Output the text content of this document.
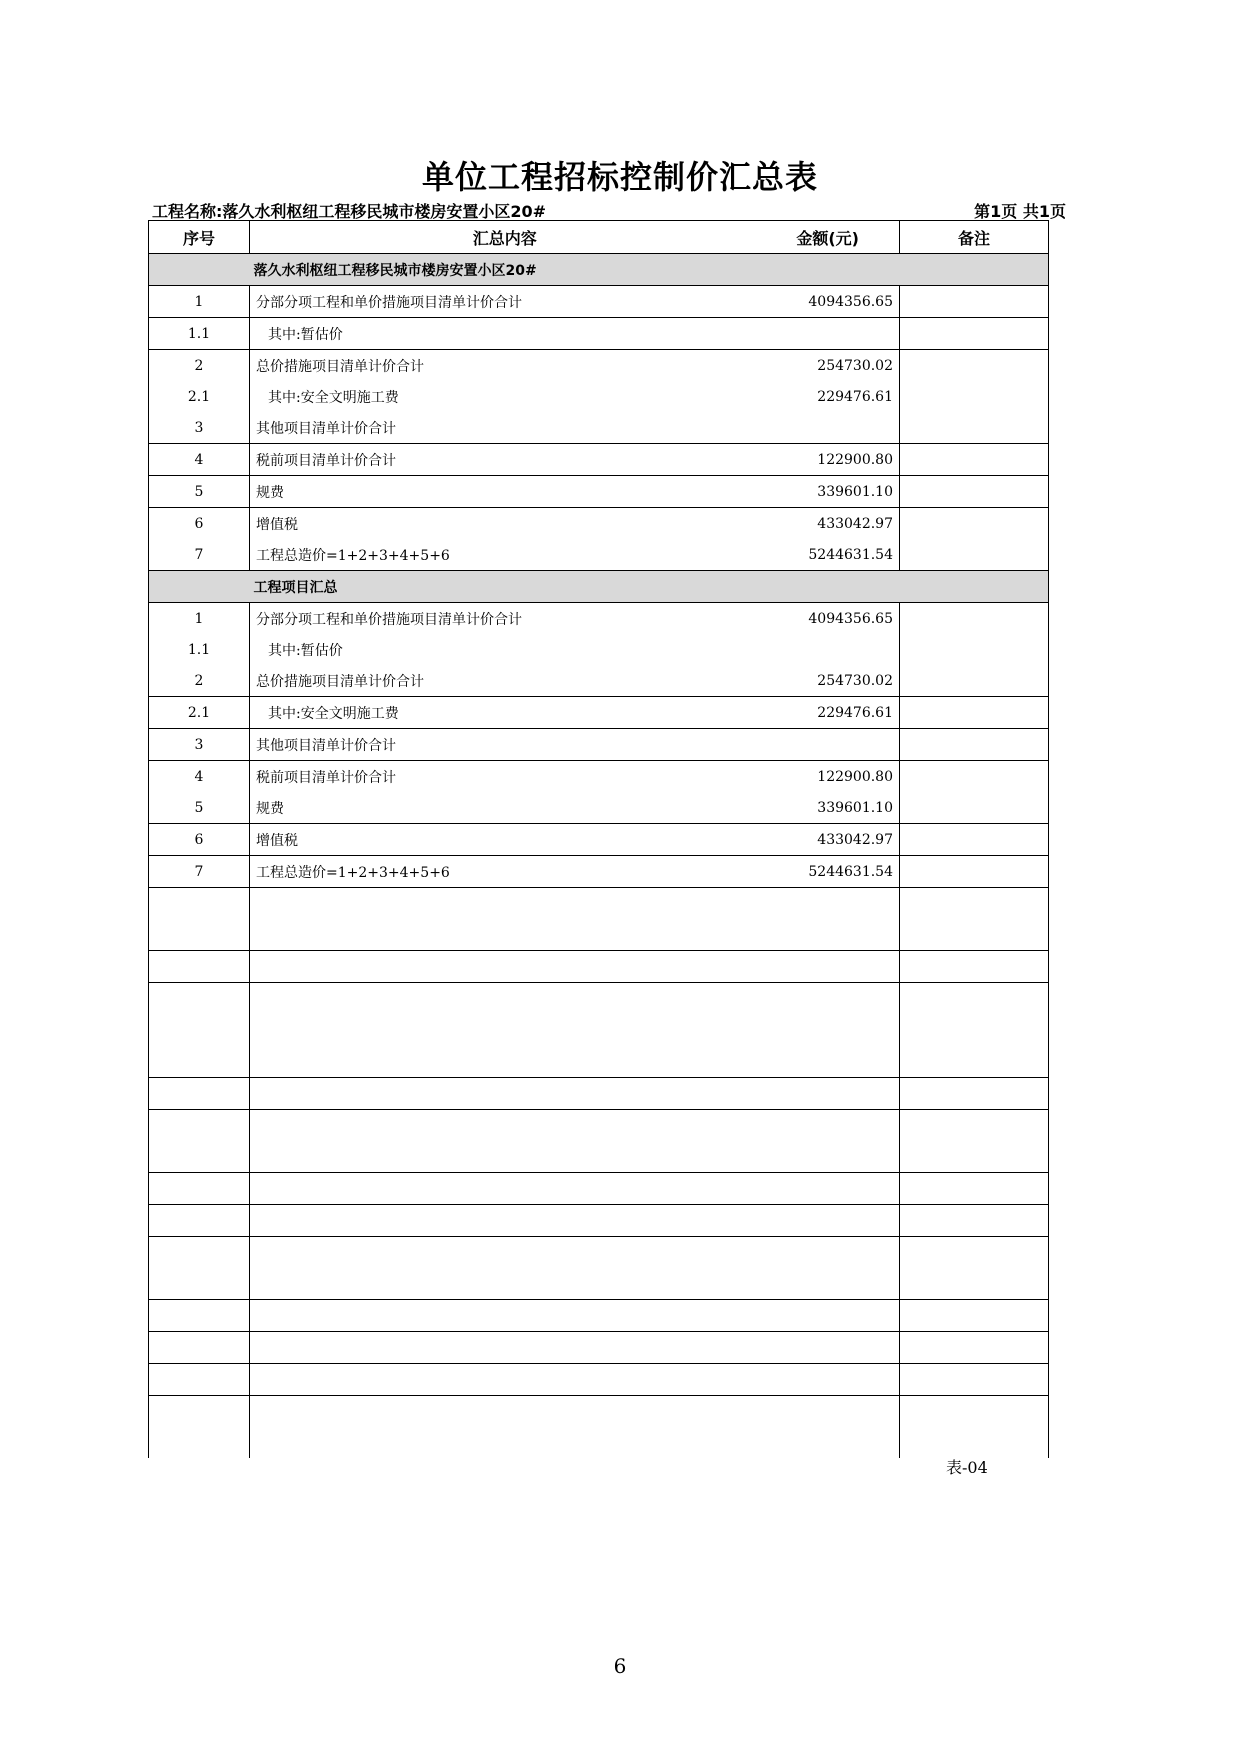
单位工程招标控制价汇总表
工程名称:落久水利枢纽工程移民城市楼房安置小区20#	第1页 共1页
序号	汇总内容	金额(元)	备注
	落久水利枢纽工程移民城市楼房安置小区20#		
1	分部分项工程和单价措施项目清单计价合计	4094356.65	
1.1	其中:暂估价		
2	总价措施项目清单计价合计	254730.02	
2.1	其中:安全文明施工费	229476.61	
3	其他项目清单计价合计		
4	税前项目清单计价合计	122900.80	
5	规费	339601.10	
6	增值税	433042.97	
7	工程总造价=1+2+3+4+5+6	5244631.54	
	工程项目汇总		
1	分部分项工程和单价措施项目清单计价合计	4094356.65	
1.1	其中:暂估价		
2	总价措施项目清单计价合计	254730.02	
2.1	其中:安全文明施工费	229476.61	
3	其他项目清单计价合计		
4	税前项目清单计价合计	122900.80	
5	规费	339601.10	
6	增值税	433042.97	
7	工程总造价=1+2+3+4+5+6	5244631.54	

表-04
6
